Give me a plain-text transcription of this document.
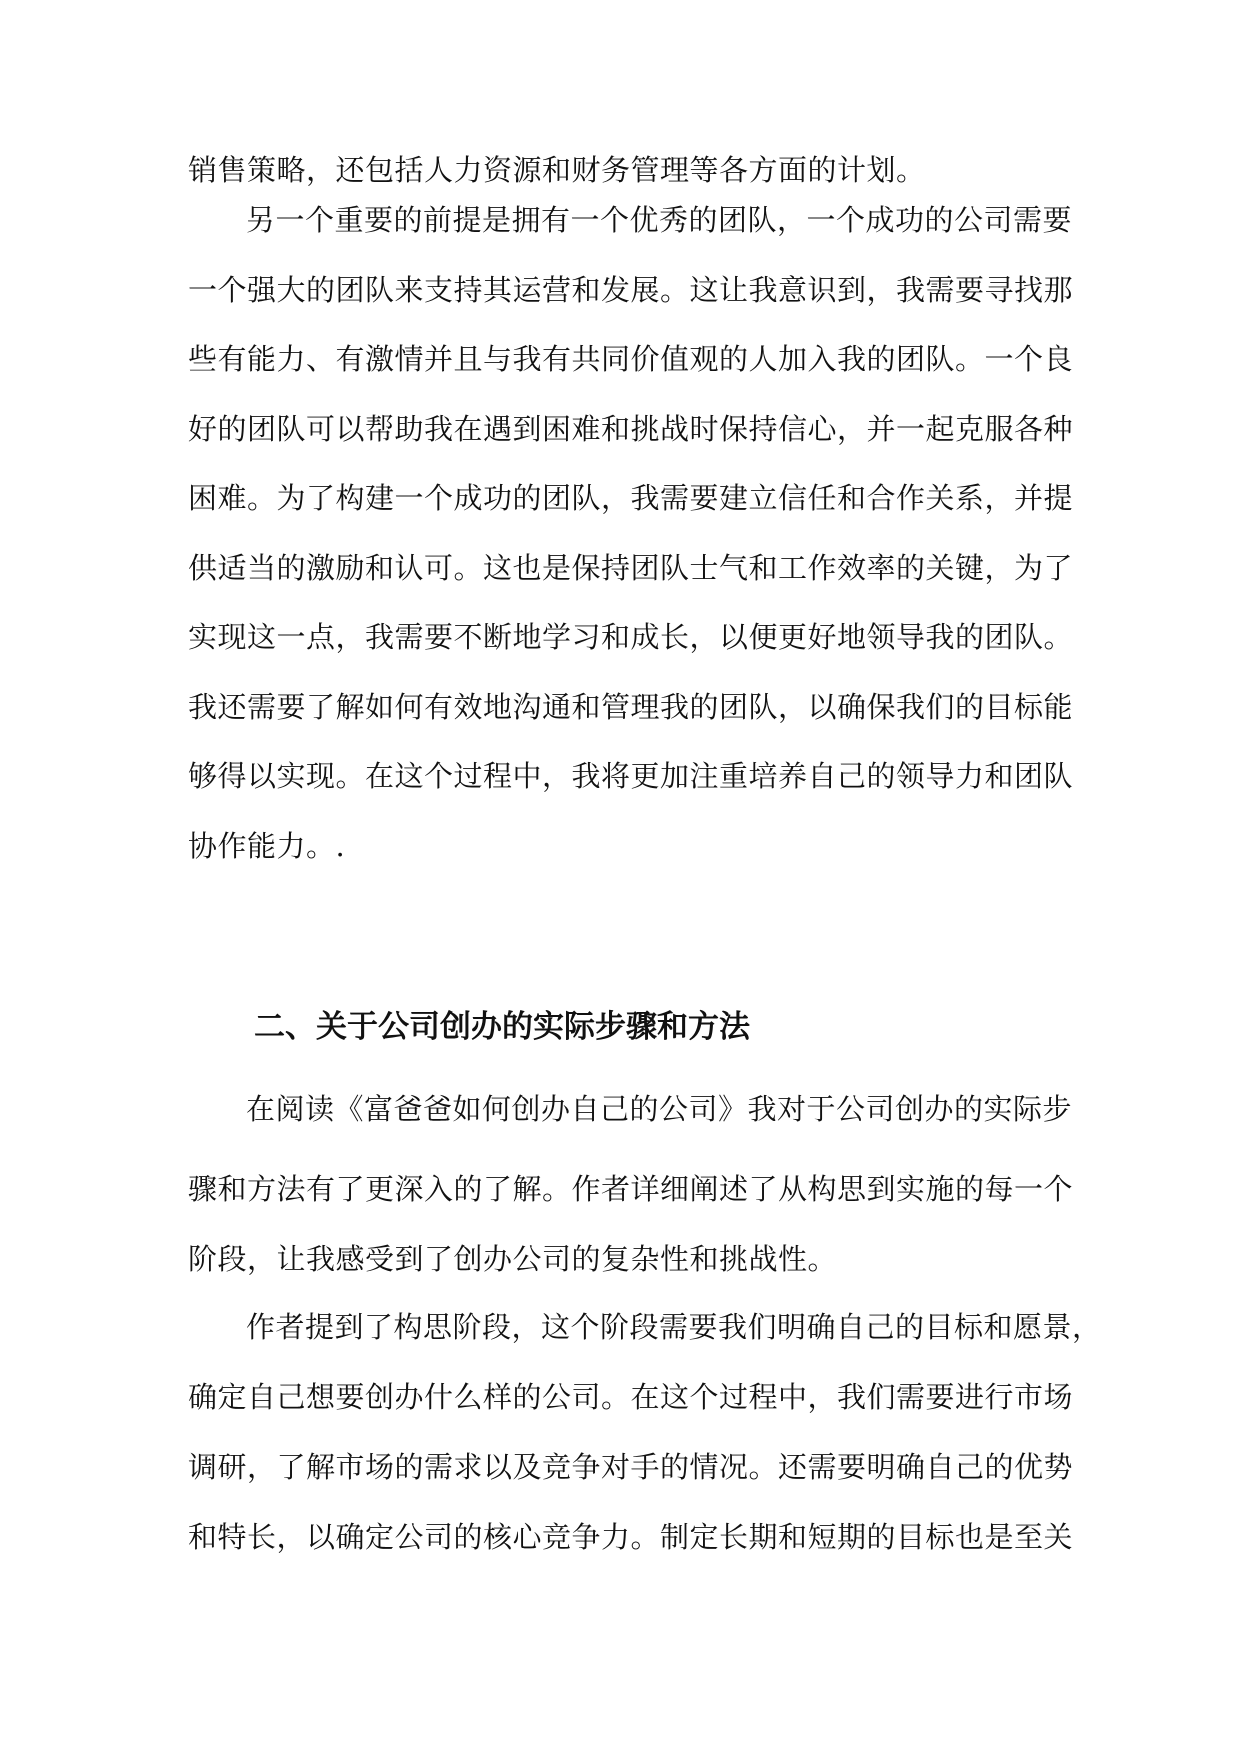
销售策略，还包括人力资源和财务管理等各方面的计划。
另一个重要的前提是拥有一个优秀的团队，一个成功的公司需要
一个强大的团队来支持其运营和发展。这让我意识到，我需要寻找那
些有能力、有激情并且与我有共同价值观的人加入我的团队。一个良
好的团队可以帮助我在遇到困难和挑战时保持信心，并一起克服各种
困难。为了构建一个成功的团队，我需要建立信任和合作关系，并提
供适当的激励和认可。这也是保持团队士气和工作效率的关键，为了
实现这一点，我需要不断地学习和成长，以便更好地领导我的团队。
我还需要了解如何有效地沟通和管理我的团队，以确保我们的目标能
够得以实现。在这个过程中，我将更加注重培养自己的领导力和团队
协作能力。.
二、关于公司创办的实际步骤和方法
在阅读《富爸爸如何创办自己的公司》我对于公司创办的实际步
骤和方法有了更深入的了解。作者详细阐述了从构思到实施的每一个
阶段，让我感受到了创办公司的复杂性和挑战性。
作者提到了构思阶段，这个阶段需要我们明确自己的目标和愿景，
确定自己想要创办什么样的公司。在这个过程中，我们需要进行市场
调研，了解市场的需求以及竞争对手的情况。还需要明确自己的优势
和特长，以确定公司的核心竞争力。制定长期和短期的目标也是至关
